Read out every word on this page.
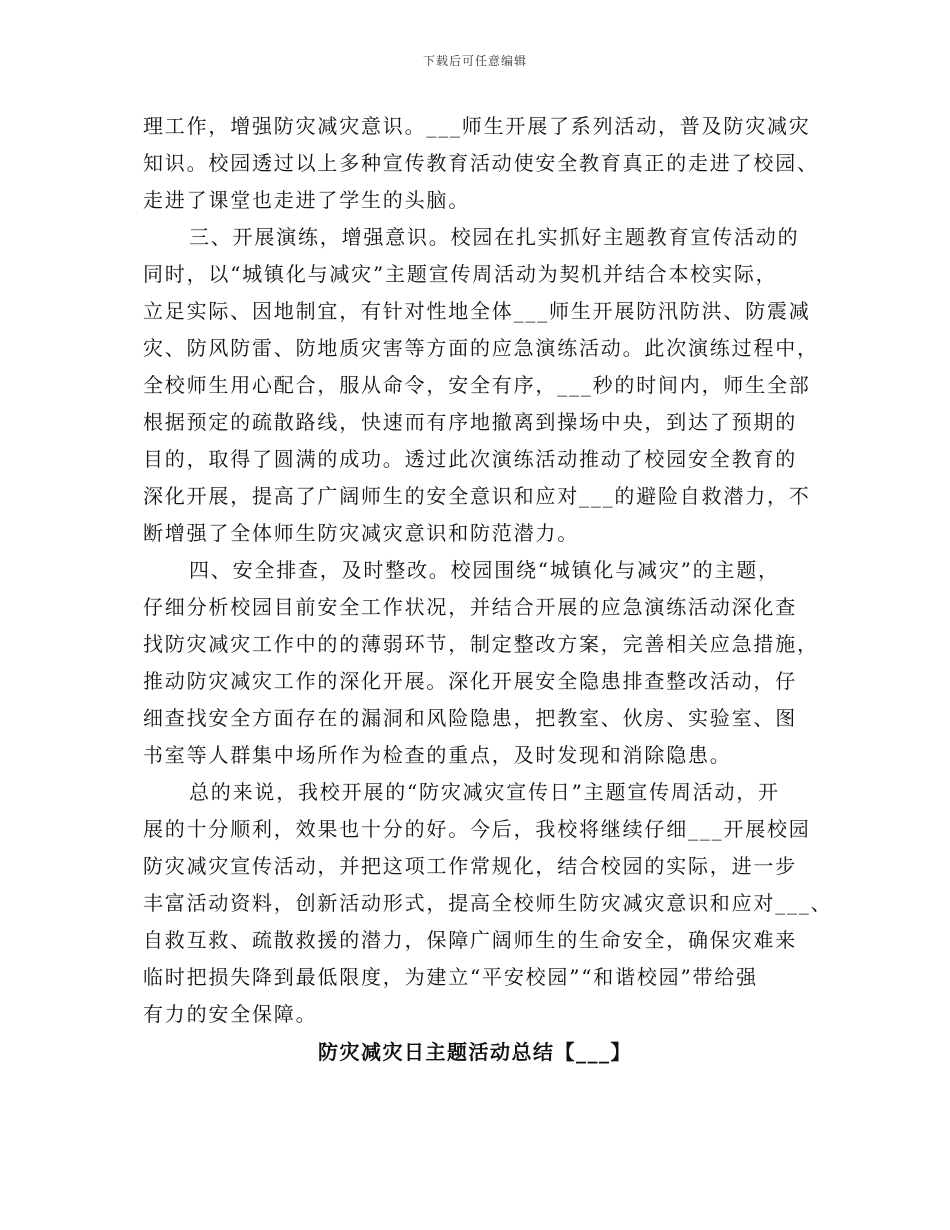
下载后可任意编辑
理工作，增强防灾减灾意识。___师生开展了系列活动，普及防灾减灾
知识。校园透过以上多种宣传教育活动使安全教育真正的走进了校园、
走进了课堂也走进了学生的头脑。
三、开展演练，增强意识。校园在扎实抓好主题教育宣传活动的
同时，以“城镇化与减灾”主题宣传周活动为契机并结合本校实际，
立足实际、因地制宜，有针对性地全体___师生开展防汛防洪、防震减
灾、防风防雷、防地质灾害等方面的应急演练活动。此次演练过程中，
全校师生用心配合，服从命令，安全有序，___秒的时间内，师生全部
根据预定的疏散路线，快速而有序地撤离到操场中央，到达了预期的
目的，取得了圆满的成功。透过此次演练活动推动了校园安全教育的
深化开展，提高了广阔师生的安全意识和应对___的避险自救潜力，不
断增强了全体师生防灾减灾意识和防范潜力。
四、安全排查，及时整改。校园围绕“城镇化与减灾”的主题，
仔细分析校园目前安全工作状况，并结合开展的应急演练活动深化查
找防灾减灾工作中的的薄弱环节，制定整改方案，完善相关应急措施，
推动防灾减灾工作的深化开展。深化开展安全隐患排查整改活动，仔
细查找安全方面存在的漏洞和风险隐患，把教室、伙房、实验室、图
书室等人群集中场所作为检查的重点，及时发现和消除隐患。
总的来说，我校开展的“防灾减灾宣传日”主题宣传周活动，开
展的十分顺利，效果也十分的好。今后，我校将继续仔细___开展校园
防灾减灾宣传活动，并把这项工作常规化，结合校园的实际，进一步
丰富活动资料，创新活动形式，提高全校师生防灾减灾意识和应对___、
自救互救、疏散救援的潜力，保障广阔师生的生命安全，确保灾难来
临时把损失降到最低限度，为建立“平安校园”“和谐校园”带给强
有力的安全保障。
防灾减灾日主题活动总结【___】
